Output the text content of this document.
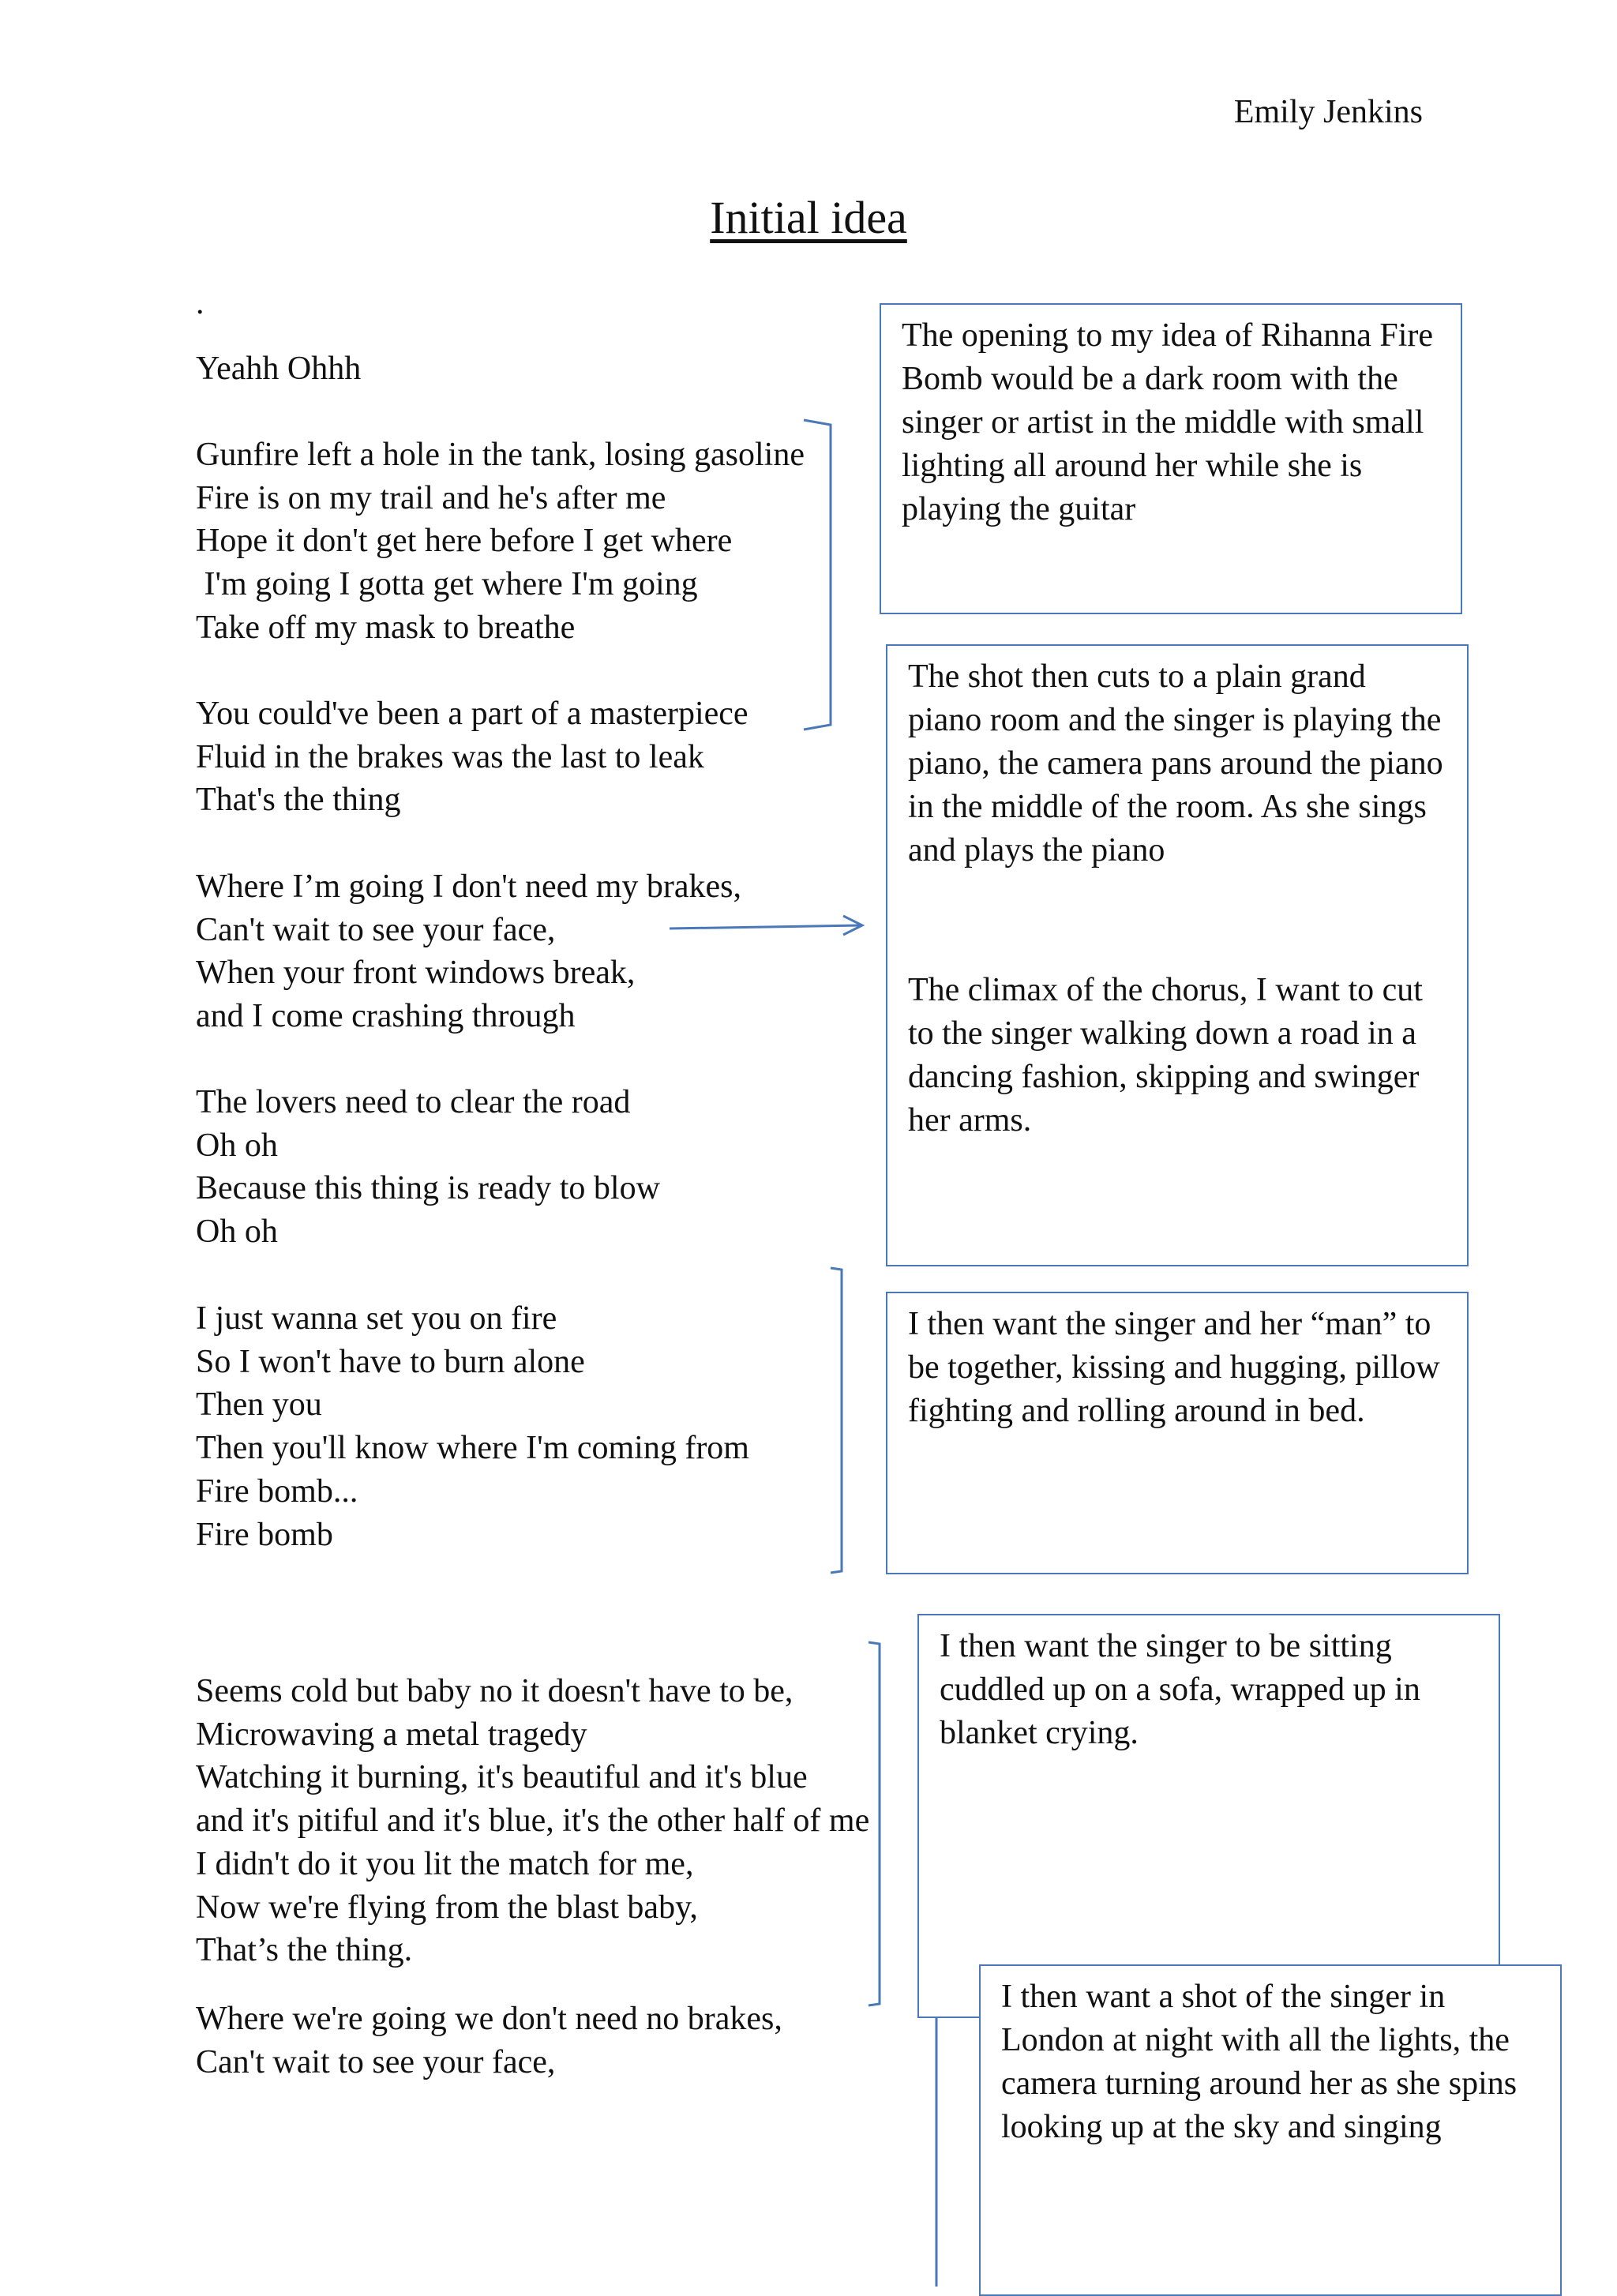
Emily Jenkins
Initial idea
.
Yeahh Ohhh
Gunfire left a hole in the tank, losing gasoline
Fire is on my trail and he's after me
Hope it don't get here before I get where
I'm going I gotta get where I'm going
Take off my mask to breathe
You could've been a part of a masterpiece
Fluid in the brakes was the last to leak
That's the thing
Where I’m going I don't need my brakes,
Can't wait to see your face,
When your front windows break,
and I come crashing through
The lovers need to clear the road
Oh oh
Because this thing is ready to blow
Oh oh
I just wanna set you on fire
So I won't have to burn alone
Then you
Then you'll know where I'm coming from
Fire bomb...
Fire bomb
Seems cold but baby no it doesn't have to be,
Microwaving a metal tragedy
Watching it burning, it's beautiful and it's blue
and it's pitiful and it's blue, it's the other half of me
I didn't do it you lit the match for me,
Now we're flying from the blast baby,
That’s the thing.
Where we're going we don't need no brakes,
Can't wait to see your face,

The opening to my idea of Rihanna Fire Bomb would be a dark room with the singer or artist in the middle with small lighting all around her while she is playing the guitar

The shot then cuts to a plain grand piano room and the singer is playing the piano, the camera pans around the piano in the middle of the room. As she sings and plays the piano

The climax of the chorus, I want to cut to the singer walking down a road in a dancing fashion, skipping and swinger her arms.

I then want the singer and her “man” to be together, kissing and hugging, pillow fighting and rolling around in bed.

I then want the singer to be sitting cuddled up on a sofa, wrapped up in blanket crying.

I then want a shot of the singer in London at night with all the lights, the camera turning around her as she spins looking up at the sky and singing
